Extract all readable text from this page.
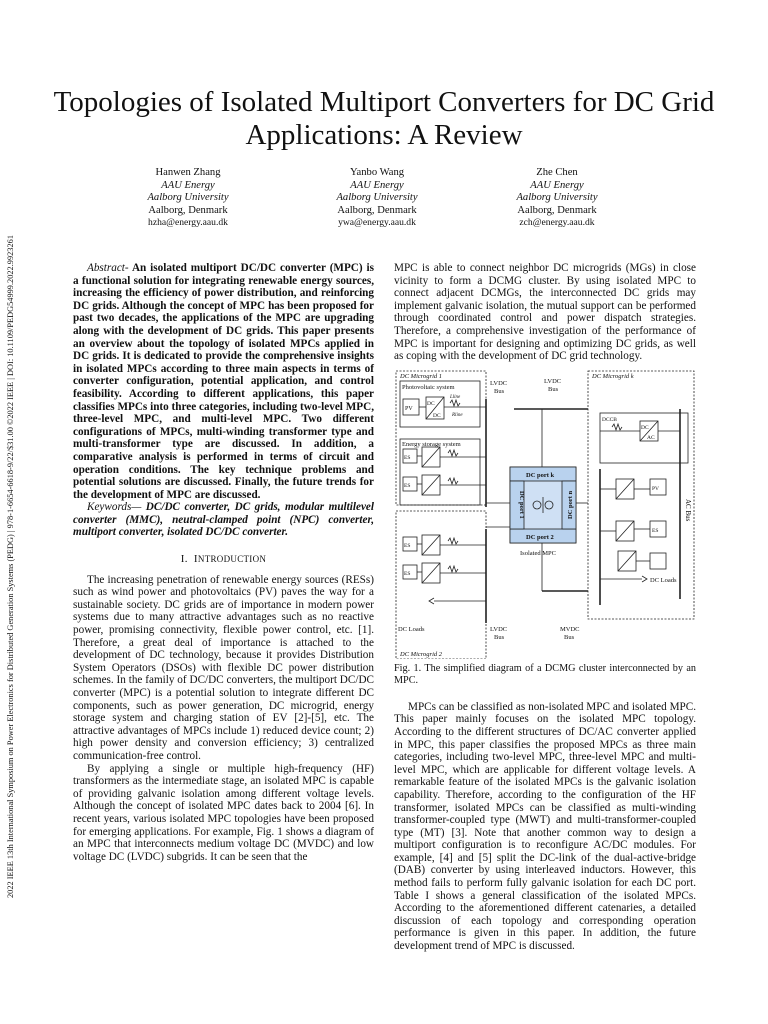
2022 IEEE 13th International Symposium on Power Electronics for Distributed Generation Systems (PEDG) | 978-1-6654-6618-9/22/$31.00 ©2022 IEEE | DOI: 10.1109/PEDG54999.2022.9923261
Topologies of Isolated Multiport Converters for DC Grid Applications: A Review
Hanwen Zhang
AAU Energy
Aalborg University
Aalborg, Denmark
hzha@energy.aau.dk
Yanbo Wang
AAU Energy
Aalborg University
Aalborg, Denmark
ywa@energy.aau.dk
Zhe Chen
AAU Energy
Aalborg University
Aalborg, Denmark
zch@energy.aau.dk

Abstract- An isolated multiport DC/DC converter (MPC) is a functional solution for integrating renewable energy sources, increasing the efficiency of power distribution, and reinforcing DC grids. Although the concept of MPC has been proposed for past two decades, the applications of the MPC are upgrading along with the development of DC grids. This paper presents an overview about the topology of isolated MPCs applied in DC grids. It is dedicated to provide the comprehensive insights in isolated MPCs according to three main aspects in terms of converter configuration, potential application, and control feasibility. According to different applications, this paper classifies MPCs into three categories, including two-level MPC, three-level MPC, and multi-level MPC. Two different configurations of MPCs, multi-winding transformer type and multi-transformer type are discussed. In addition, a comparative analysis is performed in terms of circuit and operation conditions. The key technique problems and potential solutions are discussed. Finally, the future trends for the development of MPC are discussed.

Keywords— DC/DC converter, DC grids, modular multilevel converter (MMC), neutral-clamped point (NPC) converter, multiport converter, isolated DC/DC converter.

I. INTRODUCTION

The increasing penetration of renewable energy sources (RESs) such as wind power and photovoltaics (PV) paves the way for a sustainable society. DC grids are of importance in modern power systems due to many attractive advantages such as no reactive power, promising connectivity, flexible power control, etc. [1]. Therefore, a great deal of importance is attached to the development of DC technology, because it provides Distribution System Operators (DSOs) with flexible DC power distribution schemes. In the family of DC/DC converters, the multiport DC/DC converter (MPC) is a potential solution to integrate different DC components, such as power generation, DC microgrid, energy storage system and charging station of EV [2]-[5], etc. The attractive advantages of MPCs include 1) reduced device count; 2) high power density and conversion efficiency; 3) centralized communication-free control.

By applying a single or multiple high-frequency (HF) transformers as the intermediate stage, an isolated MPC is capable of providing galvanic isolation among different voltage levels. Although the concept of isolated MPC dates back to 2004 [6]. In recent years, various isolated MPC topologies have been proposed for emerging applications. For example, Fig. 1 shows a diagram of an MPC that interconnects medium voltage DC (MVDC) and low voltage DC (LVDC) subgrids. It can be seen that the

MPC is able to connect neighbor DC microgrids (MGs) in close vicinity to form a DCMG cluster. By using isolated MPC to connect adjacent DCMGs, the interconnected DC grids may implement galvanic isolation, the mutual support can be performed through coordinated control and power dispatch strategies. Therefore, a comprehensive investigation of the performance of MPC is important for designing and optimizing DC grids, as well as coping with the development of DC grid technology.

DC Microgrid 1
Photovoltaic system
PV
Energy storage system
ES
ES
ES
ES
DC
DC
Lline
Rline
LVDC
Bus
LVDC
Bus
DC Microgrid k
DC port k
DC port 2
DC port 1	DC port n
Isolated MPC
DC Loads	LVDC
Bus
MVDC
Bus
DC Microgrid 2
DC Loads
AC Bus
DCCB
DC
AC
PV
ES
Fig. 1. The simplified diagram of a DCMG cluster interconnected by an MPC.

MPCs can be classified as non-isolated MPC and isolated MPC. This paper mainly focuses on the isolated MPC topology. According to the different structures of DC/AC converter applied in MPC, this paper classifies the proposed MPCs as three main categories, including two-level MPC, three-level MPC and multi-level MPC, which are applicable for different voltage levels. A remarkable feature of the isolated MPCs is the galvanic isolation capability. Therefore, according to the configuration of the HF transformer, isolated MPCs can be classified as multi-winding transformer-coupled type (MWT) and multi-transformer-coupled type (MT) [3]. Note that another common way to design a multiport configuration is to reconfigure AC/DC modules. For example, [4] and [5] split the DC-link of the dual-active-bridge (DAB) converter by using interleaved inductors. However, this method fails to perform fully galvanic isolation for each DC port. Table I shows a general classification of the isolated MPCs. According to the aforementioned different catenaries, a detailed discussion of each topology and corresponding operation performance is given in this paper. In addition, the future development trend of MPC is discussed.
